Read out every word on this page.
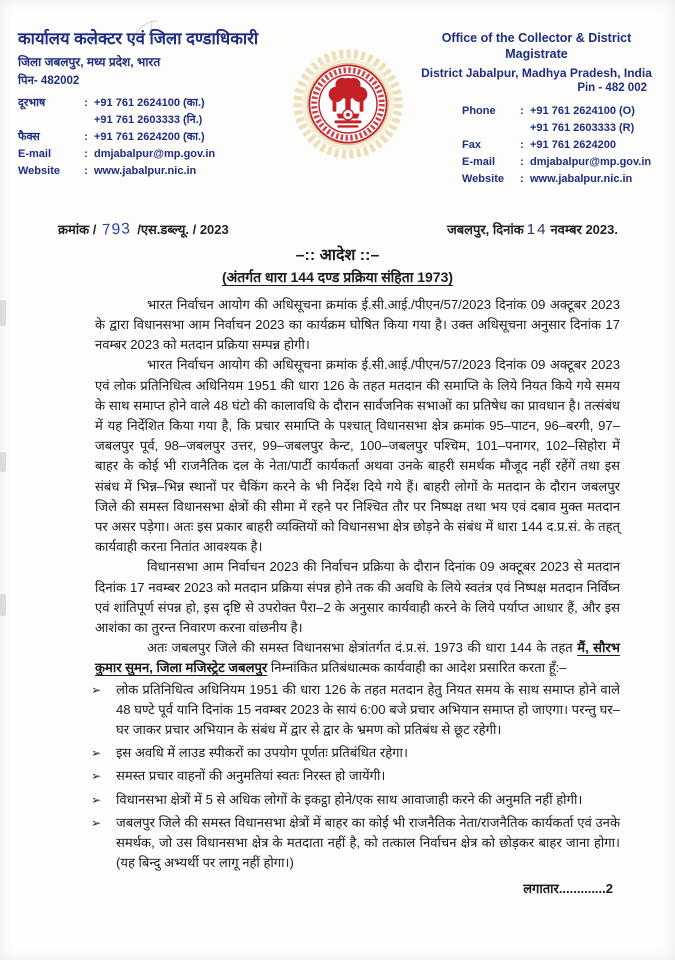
कार्यालय कलेक्टर एवं जिला दण्डाधिकारी
जिला जबलपुर, मध्य प्रदेश, भारत
पिन- 482002
दूरभाष	: +91 761 2624100 (का.)
+91 761 2603333 (नि.)
फैक्स	: +91 761 2624200 (का.)
E-mail	: dmjabalpur@mp.gov.in
Website	: www.jabalpur.nic.in
Office of the Collector & District Magistrate
District Jabalpur, Madhya Pradesh, India
Pin - 482 002
Phone	: +91 761 2624100 (O)
+91 761 2603333 (R)
Fax	: +91 761 2624200
E-mail	: dmjabalpur@mp.gov.in
Website	: www.jabalpur.nic.in
क्रमांक / 793 /एस.डब्ल्यू. / 2023	जबलपुर, दिनांक 14 नवम्बर 2023.
–:: आदेश ::–
(अंतर्गत धारा 144 दण्ड प्रक्रिया संहिता 1973)

भारत निर्वाचन आयोग की अधिसूचना क्रमांक ई.सी.आई./पीएन/57/2023 दिनांक 09 अक्टूबर 2023 के द्वारा विधानसभा आम निर्वाचन 2023 का कार्यक्रम घोषित किया गया है। उक्त अधिसूचना अनुसार दिनांक 17 नवम्बर 2023 को मतदान प्रक्रिया सम्पन्न होगी।

भारत निर्वाचन आयोग की अधिसूचना क्रमांक ई.सी.आई./पीएन/57/2023 दिनांक 09 अक्टूबर 2023 एवं लोक प्रतिनिधित्व अधिनियम 1951 की धारा 126 के तहत मतदान की समाप्ति के लिये नियत किये गये समय के साथ समाप्त होने वाले 48 घंटो की कालावधि के दौरान सार्वजनिक सभाओं का प्रतिषेध का प्रावधान है। तत्संबंध में यह निर्देशित किया गया है, कि प्रचार समाप्ति के पश्चात् विधानसभा क्षेत्र क्रमांक 95–पाटन, 96–बरगी, 97–जबलपुर पूर्व, 98–जबलपुर उत्तर, 99–जबलपुर केन्ट, 100–जबलपुर पश्चिम, 101–पनागर, 102–सिहोरा में बाहर के कोई भी राजनैतिक दल के नेता/पार्टी कार्यकर्ता अथवा उनके बाहरी समर्थक मौजूद नहीं रहेंगें तथा इस संबंध में भिन्न–भिन्न स्थानों पर चैकिंग करने के भी निर्देश दिये गये हैं। बाहरी लोगों के मतदान के दौरान जबलपुर जिले की समस्त विधानसभा क्षेत्रों की सीमा में रहने पर निश्चित तौर पर निष्पक्ष तथा भय एवं दबाव मुक्त मतदान पर असर पड़ेगा। अतः इस प्रकार बाहरी व्यक्तियों को विधानसभा क्षेत्र छोड़ने के संबंध में धारा 144 द.प्र.सं. के तहत् कार्यवाही करना नितांत आवश्यक है।

विधानसभा आम निर्वाचन 2023 की निर्वाचन प्रक्रिया के दौरान दिनांक 09 अक्टूबर 2023 से मतदान दिनांक 17 नवम्बर 2023 को मतदान प्रक्रिया संपन्न होने तक की अवधि के लिये स्वतंत्र एवं निष्पक्ष मतदान निर्विघ्न एवं शांतिपूर्ण संपन्न हो, इस दृष्टि से उपरोक्त पैरा–2 के अनुसार कार्यवाही करने के लिये पर्याप्त आधार हैं, और इस आशंका का तुरन्त निवारण करना वांछनीय है।

अतः जबलपुर जिले की समस्त विधानसभा क्षेत्रांतर्गत दं.प्र.सं. 1973 की धारा 144 के तहत मैं, सौरभ कुमार सुमन, जिला मजिस्ट्रेट जबलपुर निम्नांकित प्रतिबंधात्मक कार्यवाही का आदेश प्रसारित करता हूँ:–

➢ लोक प्रतिनिधित्व अधिनियम 1951 की धारा 126 के तहत मतदान हेतु नियत समय के साथ समाप्त होने वाले 48 घण्टे पूर्व यानि दिनांक 15 नवम्बर 2023 के सायं 6:00 बजे प्रचार अभियान समाप्त हो जाएगा। परन्तु घर–घर जाकर प्रचार अभियान के संबंध में द्वार से द्वार के भ्रमण को प्रतिबंध से छूट रहेगी।
➢ इस अवधि में लाउड स्पीकरों का उपयोग पूर्णतः प्रतिबंधित रहेगा।
➢ समस्त प्रचार वाहनों की अनुमतियां स्वतः निरस्त हो जायेंगी।
➢ विधानसभा क्षेत्रों में 5 से अधिक लोगों के इकट्ठा होने/एक साथ आवाजाही करने की अनुमति नहीं होगी।
➢ जबलपुर जिले की समस्त विधानसभा क्षेत्रों में बाहर का कोई भी राजनैतिक नेता/राजनैतिक कार्यकर्ता एवं उनके समर्थक, जो उस विधानसभा क्षेत्र के मतदाता नहीं है, को तत्काल निर्वाचन क्षेत्र को छोड़कर बाहर जाना होगा। (यह बिन्दु अभ्यर्थी पर लागू नहीं होगा।)
लगातार.............2
